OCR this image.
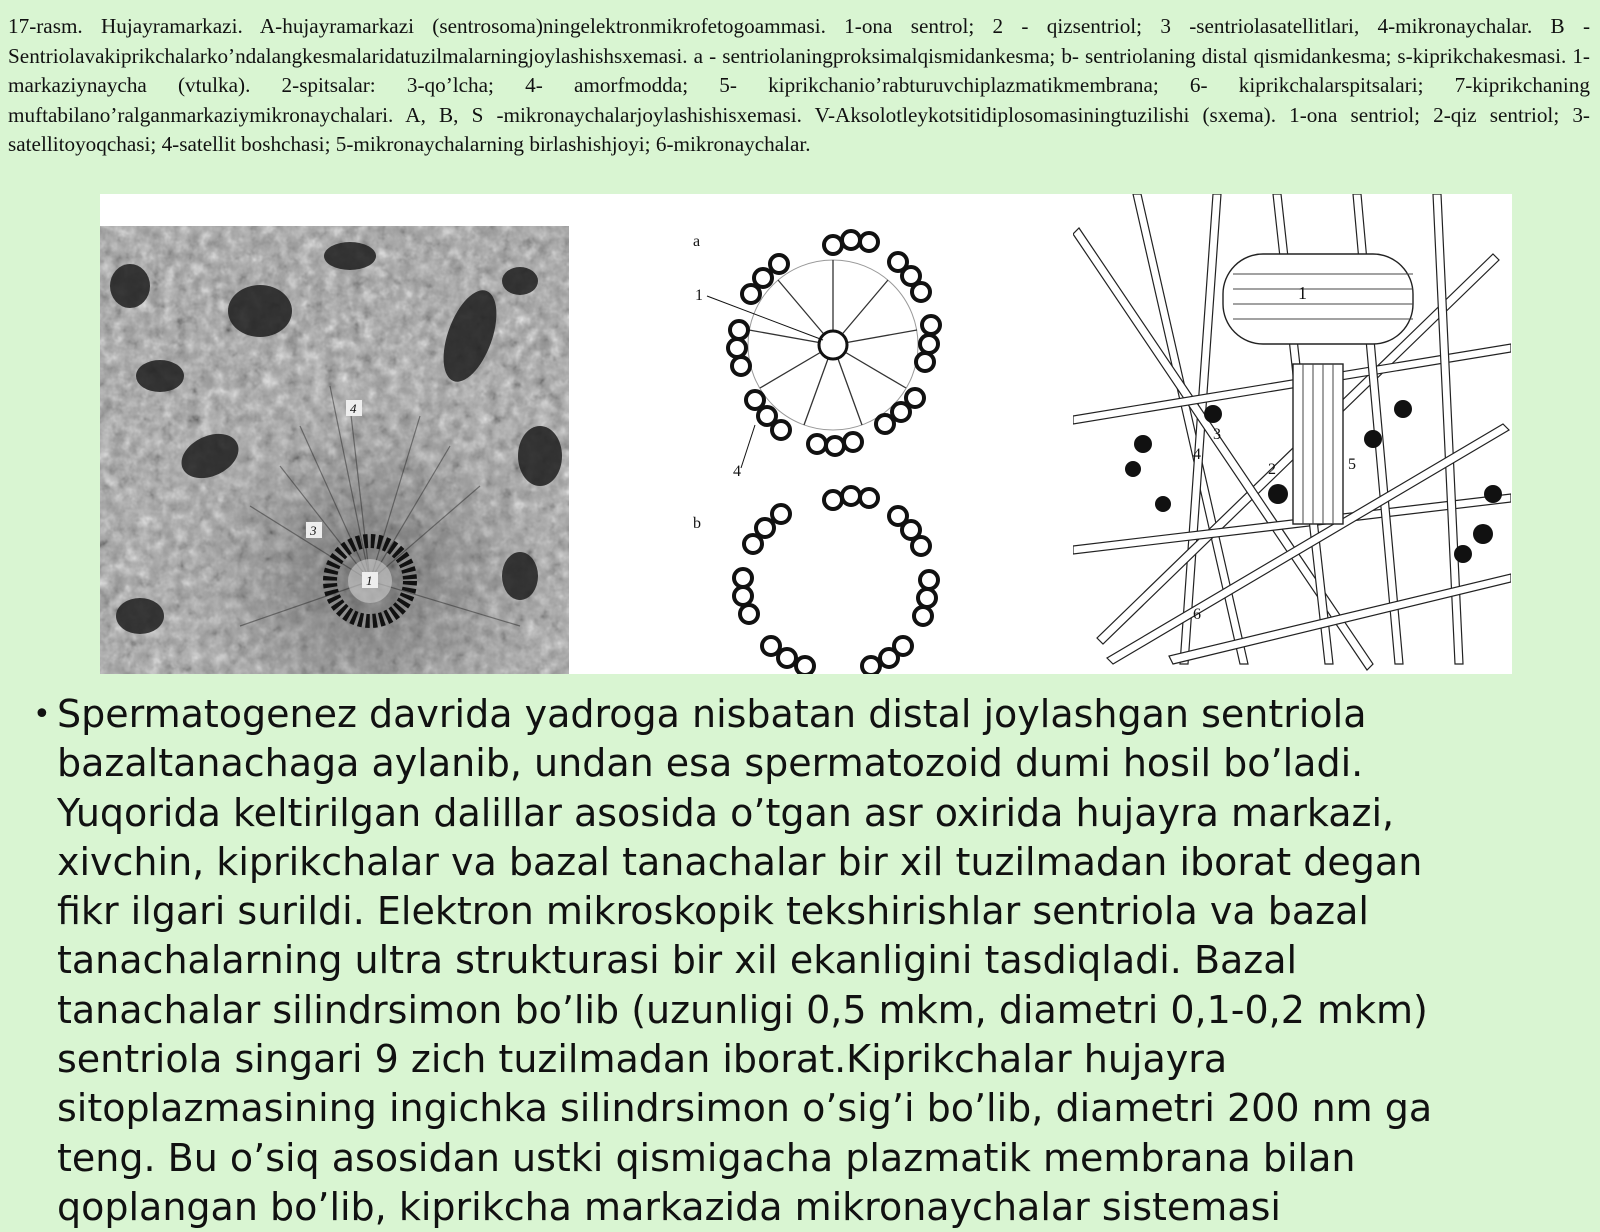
17-rasm. Hujayramarkazi. A-hujayramarkazi (sentrosoma)ningelektronmikrofetogoammasi. 1-ona sentrol; 2 - qizsentriol; 3 -sentriolasatellitlari, 4-mikronaychalar. B - Sentriolavakiprikchalarko’ndalangkesmalaridatuzilmalarningjoylashishsxemasi. a - sentriolaningproksimalqismidankesma; b- sentriolaning distal qismidankesma; s-kiprikchakesmasi. 1- markaziynaycha (vtulka). 2-spitsalar: 3-qo’lcha; 4- amorfmodda; 5- kiprikchanio’rabturuvchiplazmatikmembrana; 6- kiprikchalarspitsalari; 7-kiprikchaning muftabilano’ralganmarkaziymikronaychalari. A, B, S -mikronaychalarjoylashishisxemasi. V-Aksolotleykotsitidiplosomasiningtuzilishi (sxema). 1-ona sentriol; 2-qiz sentriol; 3- satellitoyoqchasi; 4-satellit boshchasi; 5-mikronaychalarning birlashishjoyi; 6-mikronaychalar.

4
3
1
a
1
4
b
1
3
4
2	5
6
• Spermatogenez davrida yadroga nisbatan distal joylashgan sentriola bazaltanachaga aylanib, undan esa spermatozoid dumi hosil bo’ladi. Yuqorida keltirilgan dalillar asosida o’tgan asr oxirida hujayra markazi, xivchin, kiprikchalar va bazal tanachalar bir xil tuzilmadan iborat degan fikr ilgari surildi. Elektron mikroskopik tekshirishlar sentriola va bazal tanachalarning ultra strukturasi bir xil ekanligini tasdiqladi. Bazal tanachalar silindrsimon bo’lib (uzunligi 0,5 mkm, diametri 0,1-0,2 mkm) sentriola singari 9 zich tuzilmadan iborat.Kiprikchalar hujayra sitoplazmasining ingichka silindrsimon o’sig’i bo’lib, diametri 200 nm ga teng. Bu o’siq asosidan ustki qismigacha plazmatik membrana bilan qoplangan bo’lib, kiprikcha markazida mikronaychalar sistemasi
